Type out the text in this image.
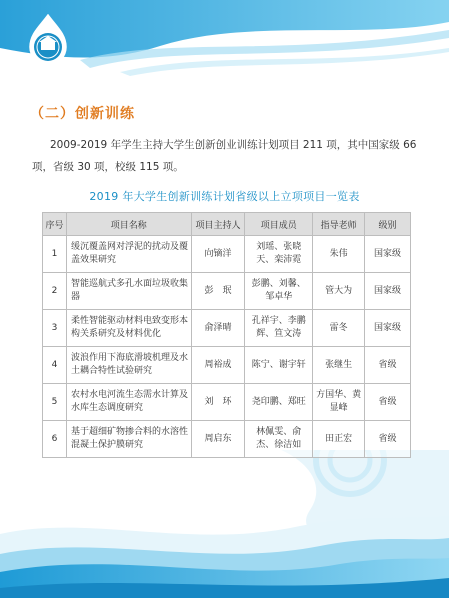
（二）创新训练
2009-2019 年学生主持大学生创新创业训练计划项目 211 项，其中国家级 66 项，省级 30 项，校级 115 项。
2019 年大学生创新训练计划省级以上立项项目一览表
序号	项目名称	项目主持人	项目成员	指导老师	级别
1	缓沉覆盖网对浮泥的扰动及覆盖效果研究	向镝洋	刘瑶、张晓天、栾沛霓	朱伟	国家级
2	智能巡航式多孔水面垃圾收集器	彭　珉	彭鹏、刘馨、邹卓华	管大为	国家级
3	柔性智能驱动材料电致变形本构关系研究及材料优化	俞泽晴	孔祥宇、李鹏辉、笪文涛	雷冬	国家级
4	波浪作用下海底滑坡机理及水土耦合特性试验研究	周裕成	陈宁、谢宇轩	张继生	省级
5	农村水电河流生态需水计算及水库生态调度研究	刘　环	尧印鹏、郑旺	方国华、黄显峰	省级
6	基于超细矿物掺合料的水溶性混凝土保护膜研究	周启东	林佩雯、俞杰、徐洁如	田正宏	省级
